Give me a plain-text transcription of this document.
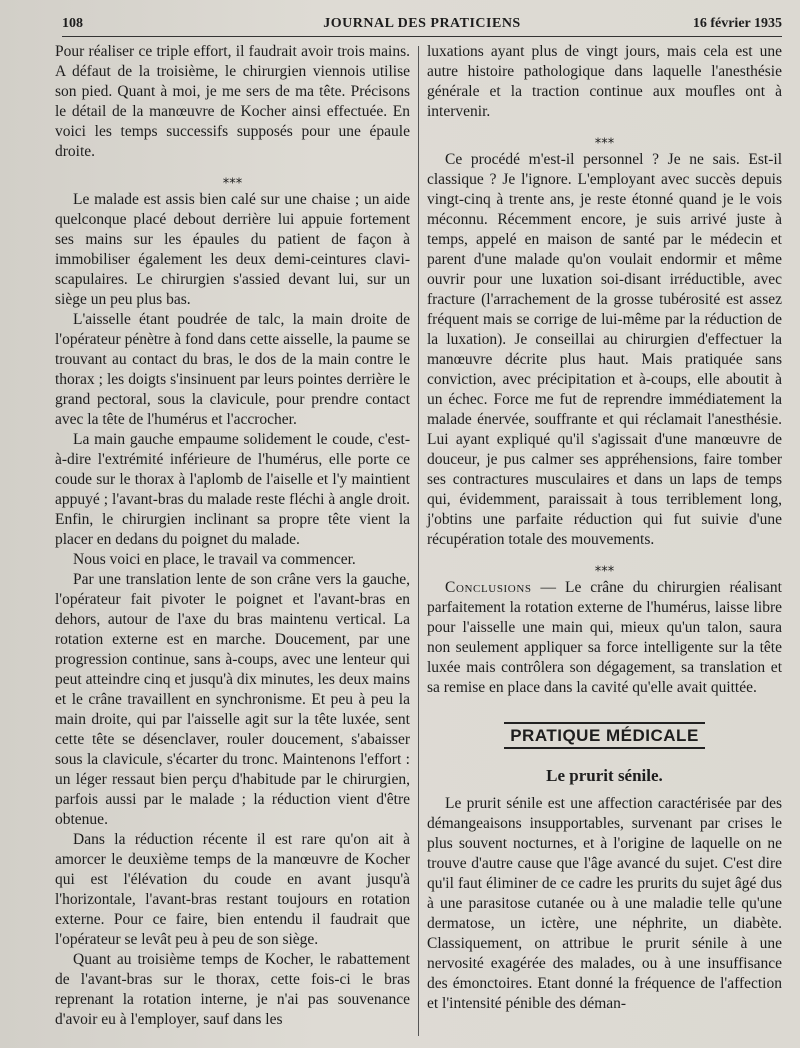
108	JOURNAL DES PRATICIENS	16 février 1935

Pour réaliser ce triple effort, il faudrait avoir trois mains. A défaut de la troisième, le chirurgien viennois utilise son pied. Quant à moi, je me sers de ma tête. Précisons le détail de la manœuvre de Kocher ainsi effectuée. En voici les temps successifs supposés pour une épaule droite.

⁎⁎⁎

Le malade est assis bien calé sur une chaise ; un aide quelconque placé debout derrière lui appuie fortement ses mains sur les épaules du patient de façon à immobiliser également les deux demi-ceintures clavi-scapulaires. Le chirurgien s'assied devant lui, sur un siège un peu plus bas.

L'aisselle étant poudrée de talc, la main droite de l'opérateur pénètre à fond dans cette aisselle, la paume se trouvant au contact du bras, le dos de la main contre le thorax ; les doigts s'insinuent par leurs pointes derrière le grand pectoral, sous la clavicule, pour prendre contact avec la tête de l'humérus et l'accrocher.

La main gauche empaume solidement le coude, c'est-à-dire l'extrémité inférieure de l'humérus, elle porte ce coude sur le thorax à l'aplomb de l'aiselle et l'y maintient appuyé ; l'avant-bras du malade reste fléchi à angle droit. Enfin, le chirurgien inclinant sa propre tête vient la placer en dedans du poignet du malade.

Nous voici en place, le travail va commencer.

Par une translation lente de son crâne vers la gauche, l'opérateur fait pivoter le poignet et l'avant-bras en dehors, autour de l'axe du bras maintenu vertical. La rotation externe est en marche. Doucement, par une progression continue, sans à-coups, avec une lenteur qui peut atteindre cinq et jusqu'à dix minutes, les deux mains et le crâne travaillent en synchronisme. Et peu à peu la main droite, qui par l'aisselle agit sur la tête luxée, sent cette tête se désenclaver, rouler doucement, s'abaisser sous la clavicule, s'écarter du tronc. Maintenons l'effort : un léger ressaut bien perçu d'habitude par le chirurgien, parfois aussi par le malade ; la réduction vient d'être obtenue.

Dans la réduction récente il est rare qu'on ait à amorcer le deuxième temps de la manœuvre de Kocher qui est l'élévation du coude en avant jusqu'à l'horizontale, l'avant-bras restant toujours en rotation externe. Pour ce faire, bien entendu il faudrait que l'opérateur se levât peu à peu de son siège.

Quant au troisième temps de Kocher, le rabattement de l'avant-bras sur le thorax, cette fois-ci le bras reprenant la rotation interne, je n'ai pas souvenance d'avoir eu à l'employer, sauf dans les

luxations ayant plus de vingt jours, mais cela est une autre histoire pathologique dans laquelle l'anesthésie générale et la traction continue aux moufles ont à intervenir.

⁎⁎⁎

Ce procédé m'est-il personnel ? Je ne sais. Est-il classique ? Je l'ignore. L'employant avec succès depuis vingt-cinq à trente ans, je reste étonné quand je le vois méconnu. Récemment encore, je suis arrivé juste à temps, appelé en maison de santé par le médecin et parent d'une malade qu'on voulait endormir et même ouvrir pour une luxation soi-disant irréductible, avec fracture (l'arrachement de la grosse tubérosité est assez fréquent mais se corrige de lui-même par la réduction de la luxation). Je conseillai au chirurgien d'effectuer la manœuvre décrite plus haut. Mais pratiquée sans conviction, avec précipitation et à-coups, elle aboutit à un échec. Force me fut de reprendre immédiatement la malade énervée, souffrante et qui réclamait l'anesthésie. Lui ayant expliqué qu'il s'agissait d'une manœuvre de douceur, je pus calmer ses appréhensions, faire tomber ses contractures musculaires et dans un laps de temps qui, évidemment, paraissait à tous terriblement long, j'obtins une parfaite réduction qui fut suivie d'une récupération totale des mouvements.

⁎⁎⁎

Conclusions — Le crâne du chirurgien réalisant parfaitement la rotation externe de l'humérus, laisse libre pour l'aisselle une main qui, mieux qu'un talon, saura non seulement appliquer sa force intelligente sur la tête luxée mais contrôlera son dégagement, sa translation et sa remise en place dans la cavité qu'elle avait quittée.

PRATIQUE MÉDICALE
Le prurit sénile.

Le prurit sénile est une affection caractérisée par des démangeaisons insupportables, survenant par crises le plus souvent nocturnes, et à l'origine de laquelle on ne trouve d'autre cause que l'âge avancé du sujet. C'est dire qu'il faut éliminer de ce cadre les prurits du sujet âgé dus à une parasitose cutanée ou à une maladie telle qu'une dermatose, un ictère, une néphrite, un diabète. Classiquement, on attribue le prurit sénile à une nervosité exagérée des malades, ou à une insuffisance des émonctoires. Etant donné la fréquence de l'affection et l'intensité pénible des déman-
